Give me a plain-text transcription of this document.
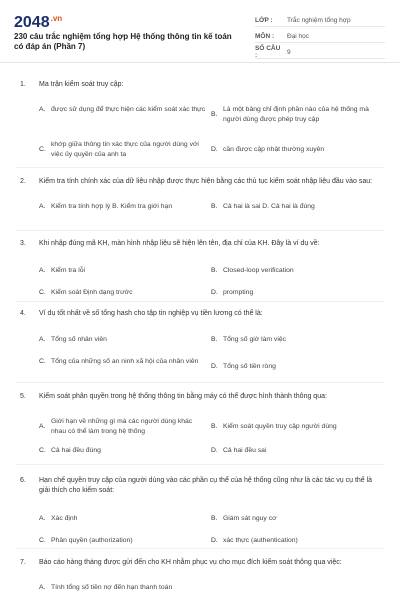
$2048^{.vn}$
230 câu trắc nghiệm tổng hợp Hệ thống thông tin kế toán có đáp án (Phần 7)
LỚP :	Trắc nghiệm tổng hợp
MÔN :	Đại học
SỐ CÂU :	9
1.	Ma trận kiểm soát truy cập:
A. được sử dụng để thực hiện các kiểm soát xác thực
B.
Là một bảng chỉ định phần nào của hệ thống mà người dùng được phép truy cập
C.
khớp giữa thông tin xác thực của người dùng với việc ủy quyền của anh ta
D. cần được cập nhật thường xuyên
2.	Kiểm tra tính chính xác của dữ liệu nhập được thực hiện bằng các thủ tục kiểm soát nhập liệu đầu vào sau:
A. Kiểm tra tính hợp lý B. Kiểm tra giới hạn	B. Cả hai là sai D. Cả hai là đúng
3.	Khi nhập đúng mã KH, màn hình nhập liệu sẽ hiện lên tên, địa chỉ của KH. Đây là ví dụ về:
A. Kiểm tra lỗi	B. Closed-loop verification
C. Kiểm soát Định dạng trước	D. prompting
4.	Ví dụ tốt nhất về số tổng hash cho tập tin nghiệp vụ tiền lương có thể là:
A. Tổng số nhân viên	B. Tổng số giờ làm việc
C. Tổng của những số an ninh xã hội của nhân viên
D. Tổng số tiền ròng
5.	Kiểm soát phân quyền trong hệ thống thông tin bằng máy có thể được hình thành thông qua:
A.
Giới hạn về những gì mà các người dùng khác nhau có thể làm trong hệ thống
B. Kiểm soát quyền truy cập người dùng
C. Cả hai đều đúng	D. Cả hai đều sai
6.	Hạn chế quyền truy cập của người dùng vào các phần cụ thể của hệ thống cũng như là các tác vụ cụ thể là giải thích cho kiểm soát:
A. Xác định	B. Giám sát nguy cơ
C. Phân quyền (authorization)	D. xác thực (authentication)
7.	Báo cáo hàng tháng được gửi đến cho KH nhằm phục vụ cho mục đích kiểm soát thông qua việc:
A. Tính tổng số tiền nợ đến hạn thanh toán
